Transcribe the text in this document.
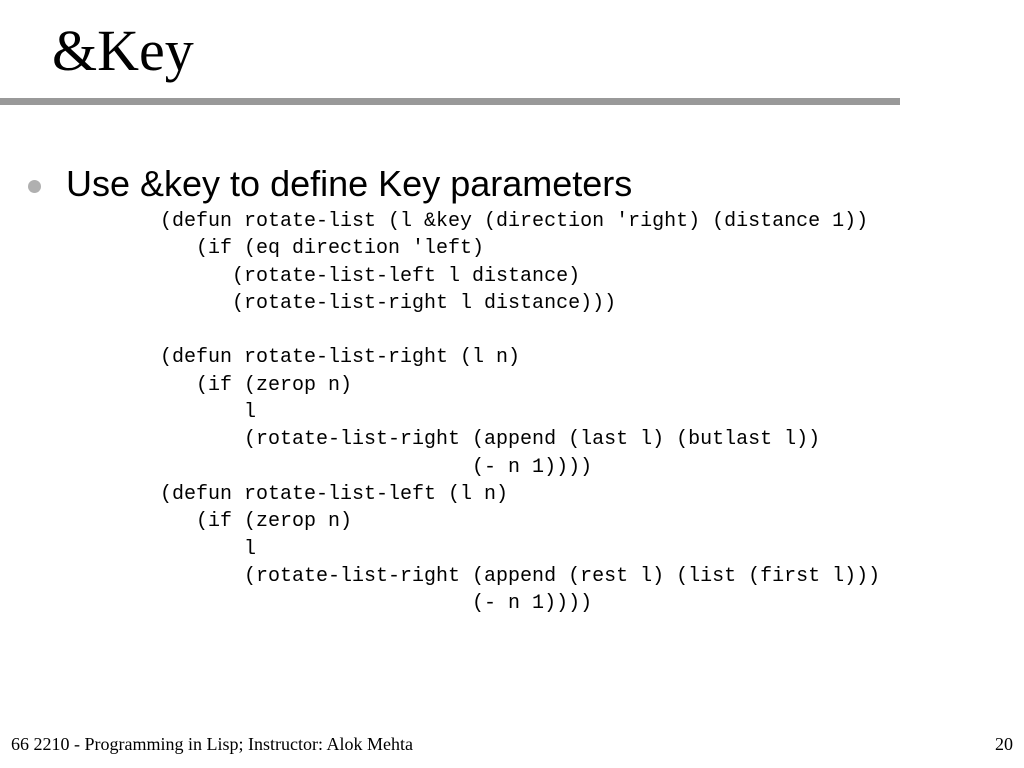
&Key
Use &key to define Key parameters
(defun rotate-list (l &key (direction 'right) (distance 1))
(if (eq direction 'left)
(rotate-list-left l distance)
(rotate-list-right l distance)))
(defun rotate-list-right (l n)
(if (zerop n)
l
(rotate-list-right (append (last l) (butlast l))
(- n 1))))
(defun rotate-list-left (l n)
(if (zerop n)
l
(rotate-list-right (append (rest l) (list (first l)))
(- n 1))))
66 2210 - Programming in Lisp; Instructor: Alok Mehta	20
